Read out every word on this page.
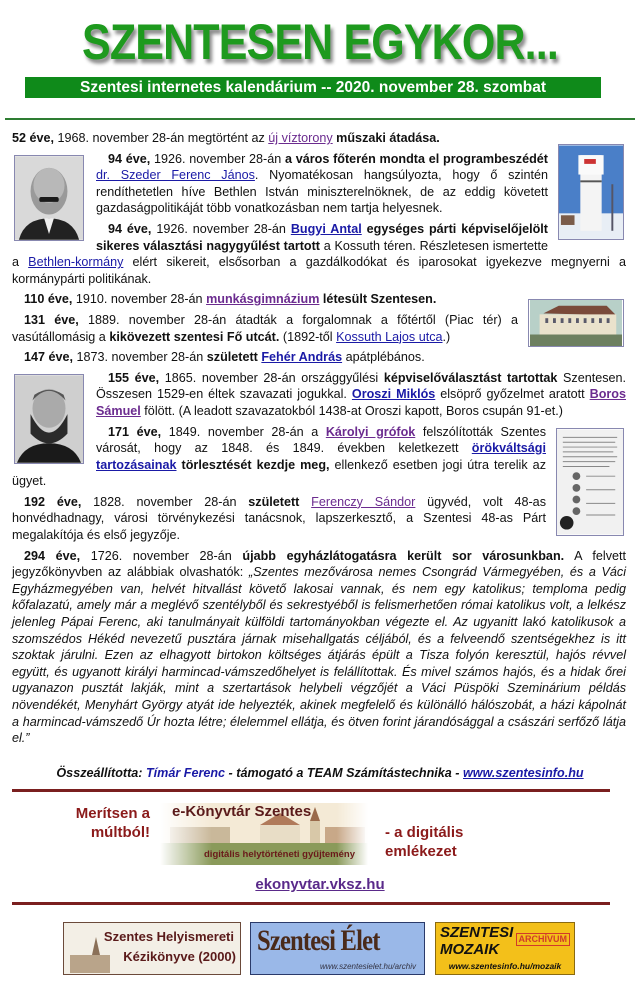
SZENTESEN EGYKOR...
Szentesi internetes kalendárium -- 2020. november 28. szombat

52 éve, 1968. november 28-án megtörtént az új víztorony műszaki átadása.

94 éve, 1926. november 28-án a város főterén mondta el programbeszédét dr. Szeder Ferenc János. Nyomatékosan hangsúlyozta, hogy ő szintén rendíthetetlen híve Bethlen István miniszterelnöknek, de az eddig követett gazdaságpolitikáját több vonatkozásban nem tartja helyesnek.

94 éve, 1926. november 28-án Bugyi Antal egységes párti képviselőjelölt sikeres választási nagygyűlést tartott a Kossuth téren. Részletesen ismertette a Bethlen-kormány elért sikereit, elsősorban a gazdálkodókat és iparosokat igyekezve megnyerni a kormánypárti politikának.

110 éve, 1910. november 28-án munkásgimnázium létesült Szentesen.

131 éve, 1889. november 28-án átadták a forgalomnak a főtértől (Piac tér) a vasútállomásig a kikövezett szentesi Fő utcát. (1892-től Kossuth Lajos utca.)

147 éve, 1873. november 28-án született Fehér András apátplébános.

155 éve, 1865. november 28-án országgyűlési képviselőválasztást tartottak Szentesen. Összesen 1529-en éltek szavazati jogukkal. Oroszi Miklós elsöprő győzelmet aratott Boros Sámuel fölött. (A leadott szavazatokból 1438-at Oroszi kapott, Boros csupán 91-et.)

171 éve, 1849. november 28-án a Károlyi grófok felszólították Szentes városát, hogy az 1848. és 1849. években keletkezett örökváltsági tartozásainak törlesztését kezdje meg, ellenkező esetben jogi útra terelik az ügyet.

192 éve, 1828. november 28-án született Ferenczy Sándor ügyvéd, volt 48-as honvédhadnagy, városi törvénykezési tanácsnok, lapszerkesztő, a Szentesi 48-as Párt megalakítója és első jegyzője.

294 éve, 1726. november 28-án újabb egyházlátogatásra került sor városunkban. A felvett jegyzőkönyvben az alábbiak olvashatók: „Szentes mezővárosa nemes Csongrád Vármegyében, és a Váci Egyházmegyében van, helvét hitvallást követő lakosai vannak, és nem egy katolikus; temploma pedig kőfalazatú, amely már a meglévő szentélyből és sekrestyéből is felismerhetően római katolikus volt, a lelkész jelenleg Pápai Ferenc, aki tanulmányait külföldi tartományokban végezte el. Az ugyanitt lakó katolikusok a szomszédos Hékéd nevezetű pusztára járnak misehallgatás céljából, és a felveendő szentségekhez is itt szoktak járulni. Ezen az elhagyott birtokon költséges átjárás épült a Tisza folyón keresztül, hajós révvel együtt, és ugyanott királyi harmincad-vámszedőhelyet is felállítottak. És mivel számos hajós, és a hidak őrei ugyanazon pusztát lakják, mint a szertartások helybeli végzőjét a Váci Püspöki Szeminárium példás növendékét, Menyhárt György atyát ide helyezték, akinek megfelelő és különálló hálószobát, a házi kápolnát a harmincad-vámszedő Úr hozta létre; élelemmel ellátja, és ötven forint járandósággal a császári serfőző látja el.”

Összeállította: Tímár Ferenc - támogató a TEAM Számítástechnika - www.szentesinfo.hu
Merítsen a múltból!
e-Könyvtár Szentes
digitális helytörténeti gyűjtemény
- a digitális emlékezet
ekonyvtar.vksz.hu
Szentes Helyismereti
Kézikönyve (2000) Szentesi Élet
www.szentesielet.hu/archiv
SZENTESI
MOZAIK
ARCHÍVUM
www.szentesinfo.hu/mozaik
